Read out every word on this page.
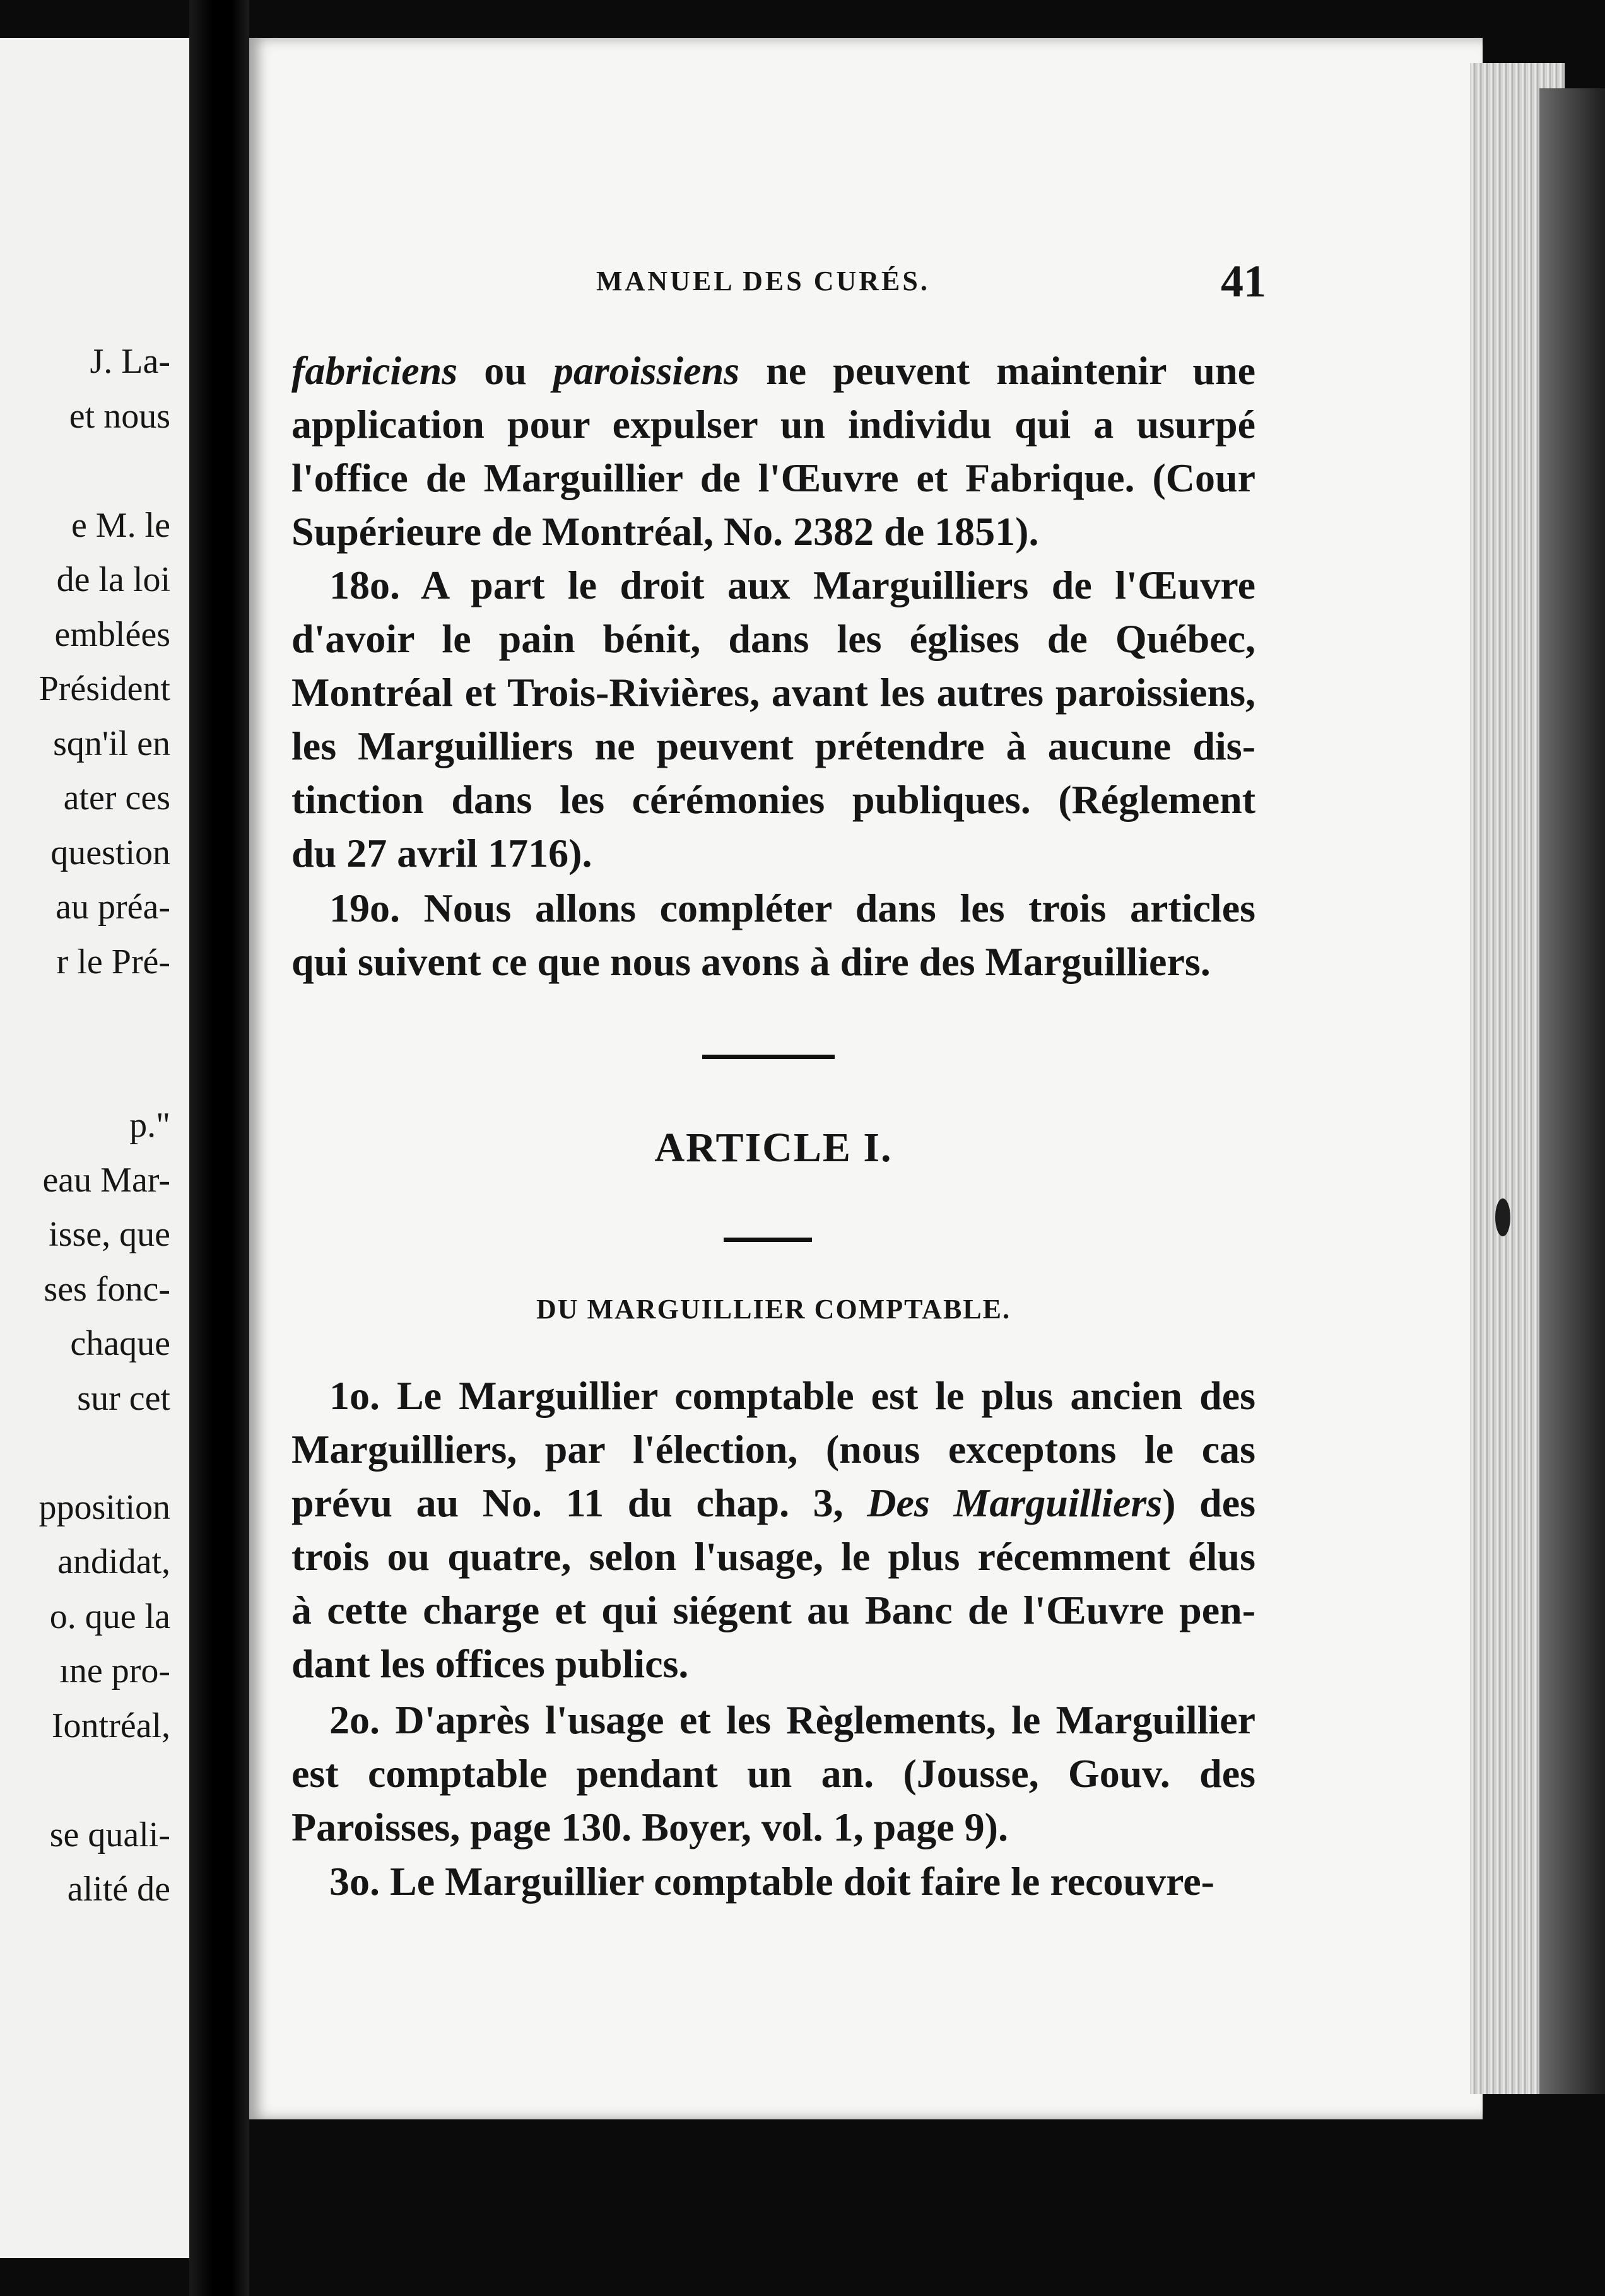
J. La-
et nous
e M. le
de la loi
emblées
Président
sqn'il en
ater ces
question
au préa-
r le Pré-
p."
eau Mar-
isse, que
ses fonc-
chaque
sur cet
pposition
andidat,
o. que la
ıne pro-
Iontréal,
se quali-
alité de
MANUEL DES CURÉS.	41
fabriciens ou paroissiens ne peuvent maintenir une
application pour expulser un individu qui a usurpé
l'office de Marguillier de l'Œuvre et Fabrique. (Cour
Supérieure de Montréal, No. 2382 de 1851).
18o. A part le droit aux Marguilliers de l'Œuvre
d'avoir le pain bénit, dans les églises de Québec,
Montréal et Trois-Rivières, avant les autres paroissiens,
les Marguilliers ne peuvent prétendre à aucune dis-
tinction dans les cérémonies publiques. (Réglement
du 27 avril 1716).
19o. Nous allons compléter dans les trois articles
qui suivent ce que nous avons à dire des Marguilliers.
ARTICLE I.
DU MARGUILLIER COMPTABLE.
1o. Le Marguillier comptable est le plus ancien des
Marguilliers, par l'élection, (nous exceptons le cas
prévu au No. 11 du chap. 3, Des Marguilliers) des
trois ou quatre, selon l'usage, le plus récemment élus
à cette charge et qui siégent au Banc de l'Œuvre pen-
dant les offices publics.
2o. D'après l'usage et les Règlements, le Marguillier
est comptable pendant un an. (Jousse, Gouv. des
Paroisses, page 130. Boyer, vol. 1, page 9).
3o. Le Marguillier comptable doit faire le recouvre-
